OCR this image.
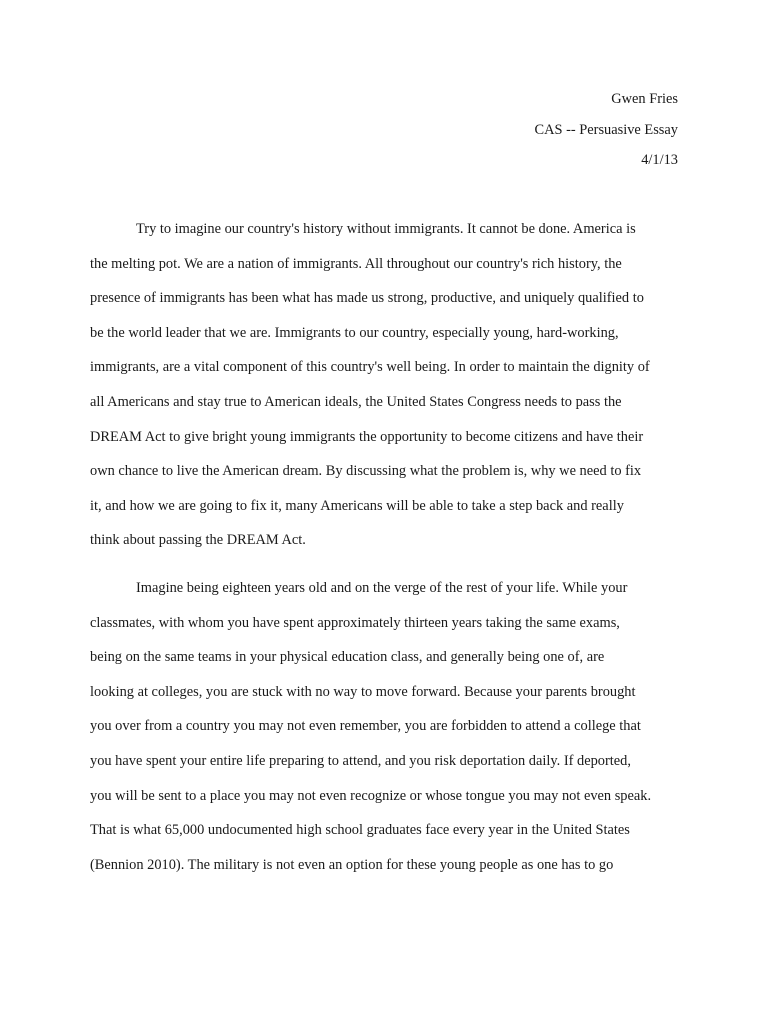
Gwen Fries
CAS -- Persuasive Essay
4/1/13
Try to imagine our country's history without immigrants. It cannot be done. America is
the melting pot. We are a nation of immigrants. All throughout our country's rich history, the
presence of immigrants has been what has made us strong, productive, and uniquely qualified to
be the world leader that we are. Immigrants to our country, especially young, hard-working,
immigrants, are a vital component of this country's well being. In order to maintain the dignity of
all Americans and stay true to American ideals, the United States Congress needs to pass the
DREAM Act to give bright young immigrants the opportunity to become citizens and have their
own chance to live the American dream. By discussing what the problem is, why we need to fix
it, and how we are going to fix it, many Americans will be able to take a step back and really
think about passing the DREAM Act.
Imagine being eighteen years old and on the verge of the rest of your life. While your
classmates, with whom you have spent approximately thirteen years taking the same exams,
being on the same teams in your physical education class, and generally being one of, are
looking at colleges, you are stuck with no way to move forward. Because your parents brought
you over from a country you may not even remember, you are forbidden to attend a college that
you have spent your entire life preparing to attend, and you risk deportation daily. If deported,
you will be sent to a place you may not even recognize or whose tongue you may not even speak.
That is what 65,000 undocumented high school graduates face every year in the United States
(Bennion 2010). The military is not even an option for these young people as one has to go
